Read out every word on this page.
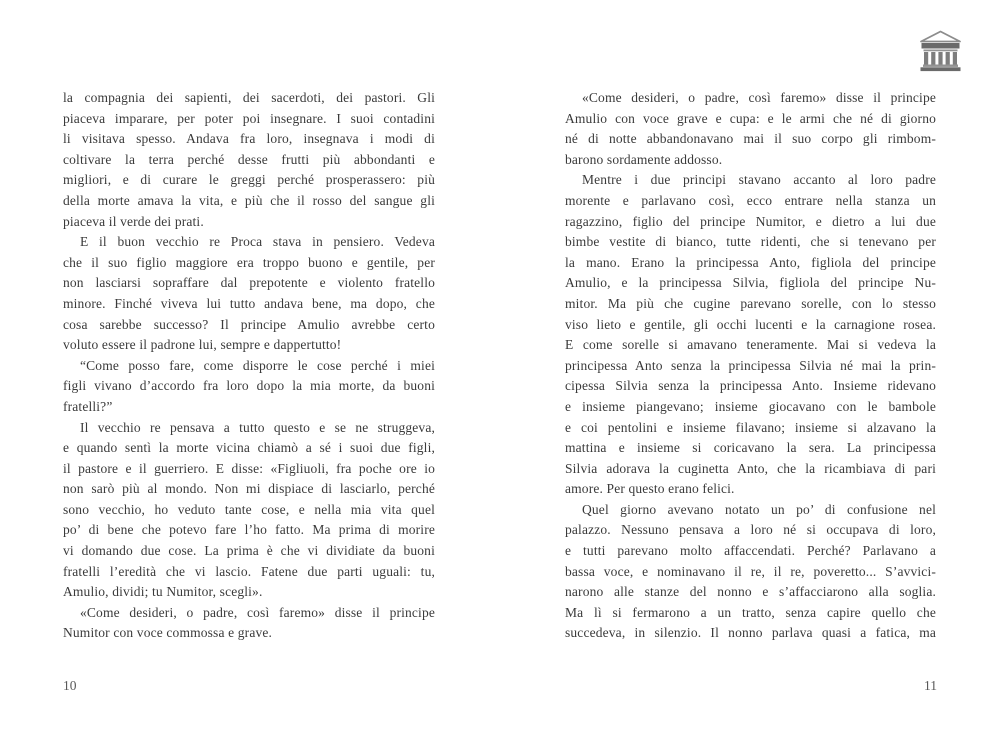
la compagnia dei sapienti, dei sacerdoti, dei pastori. Gli
piaceva imparare, per poter poi insegnare. I suoi contadini
li visitava spesso. Andava fra loro, insegnava i modi di
coltivare la terra perché desse frutti più abbondanti e
migliori, e di curare le greggi perché prosperassero: più
della morte amava la vita, e più che il rosso del sangue gli
piaceva il verde dei prati.
E il buon vecchio re Proca stava in pensiero. Vedeva
che il suo figlio maggiore era troppo buono e gentile, per
non lasciarsi sopraffare dal prepotente e violento fratello
minore. Finché viveva lui tutto andava bene, ma dopo, che
cosa sarebbe successo? Il principe Amulio avrebbe certo
voluto essere il padrone lui, sempre e dappertutto!
“Come posso fare, come disporre le cose perché i miei
figli vivano d’accordo fra loro dopo la mia morte, da buoni
fratelli?”
Il vecchio re pensava a tutto questo e se ne struggeva,
e quando sentì la morte vicina chiamò a sé i suoi due figli,
il pastore e il guerriero. E disse: «Figliuoli, fra poche ore io
non sarò più al mondo. Non mi dispiace di lasciarlo, perché
sono vecchio, ho veduto tante cose, e nella mia vita quel
po’ di bene che potevo fare l’ho fatto. Ma prima di morire
vi domando due cose. La prima è che vi dividiate da buoni
fratelli l’eredità che vi lascio. Fatene due parti uguali: tu,
Amulio, dividi; tu Numitor, scegli».
«Come desideri, o padre, così faremo» disse il principe
Numitor con voce commossa e grave.
«Come desideri, o padre, così faremo» disse il principe
Amulio con voce grave e cupa: e le armi che né di giorno
né di notte abbandonavano mai il suo corpo gli rimbom-
barono sordamente addosso.
Mentre i due principi stavano accanto al loro padre
morente e parlavano così, ecco entrare nella stanza un
ragazzino, figlio del principe Numitor, e dietro a lui due
bimbe vestite di bianco, tutte ridenti, che si tenevano per
la mano. Erano la principessa Anto, figliola del principe
Amulio, e la principessa Silvia, figliola del principe Nu-
mitor. Ma più che cugine parevano sorelle, con lo stesso
viso lieto e gentile, gli occhi lucenti e la carnagione rosea.
E come sorelle si amavano teneramente. Mai si vedeva la
principessa Anto senza la principessa Silvia né mai la prin-
cipessa Silvia senza la principessa Anto. Insieme ridevano
e insieme piangevano; insieme giocavano con le bambole
e coi pentolini e insieme filavano; insieme si alzavano la
mattina e insieme si coricavano la sera. La principessa
Silvia adorava la cuginetta Anto, che la ricambiava di pari
amore. Per questo erano felici.
Quel giorno avevano notato un po’ di confusione nel
palazzo. Nessuno pensava a loro né si occupava di loro,
e tutti parevano molto affaccendati. Perché? Parlavano a
bassa voce, e nominavano il re, il re, poveretto... S’avvici-
narono alle stanze del nonno e s’affacciarono alla soglia.
Ma lì si fermarono a un tratto, senza capire quello che
succedeva, in silenzio. Il nonno parlava quasi a fatica, ma
10	11
